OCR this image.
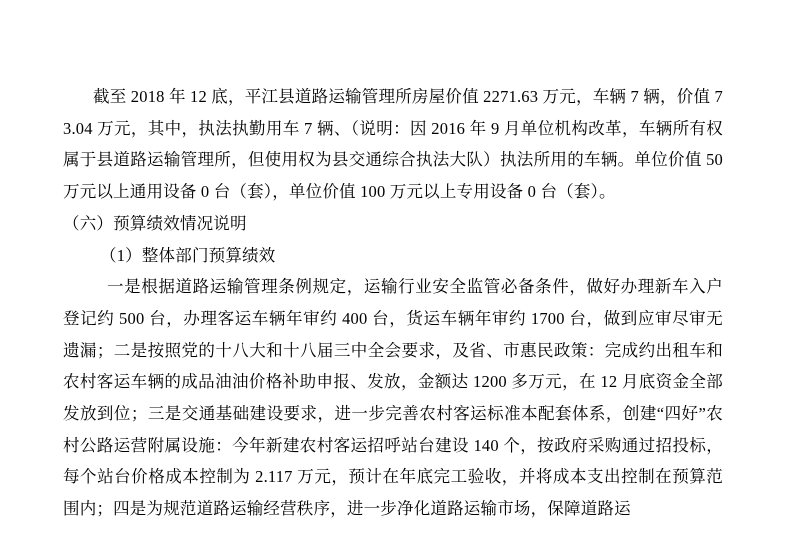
截至 2018 年 12 底，平江县道路运输管理所房屋价值 2271.63 万元，车辆 7 辆，价值 73.04 万元，其中，执法执勤用车 7 辆、（说明：因 2016 年 9 月单位机构改革，车辆所有权属于县道路运输管理所，但使用权为县交通综合执法大队）执法所用的车辆。单位价值 50 万元以上通用设备 0 台（套），单位价值 100 万元以上专用设备 0 台（套）。

（六）预算绩效情况说明

（1）整体部门预算绩效

一是根据道路运输管理条例规定，运输行业安全监管必备条件，做好办理新车入户登记约 500 台，办理客运车辆年审约 400 台，货运车辆年审约 1700 台，做到应审尽审无遗漏；二是按照党的十八大和十八届三中全会要求，及省、市惠民政策：完成约出租车和农村客运车辆的成品油油价格补助申报、发放，金额达 1200 多万元，在 12 月底资金全部发放到位；三是交通基础建设要求，进一步完善农村客运标准本配套体系，创建“四好”农村公路运营附属设施：今年新建农村客运招呼站台建设 140 个，按政府采购通过招投标，每个站台价格成本控制为 2.117 万元，预计在年底完工验收，并将成本支出控制在预算范围内；四是为规范道路运输经营秩序，进一步净化道路运输市场，保障道路运
